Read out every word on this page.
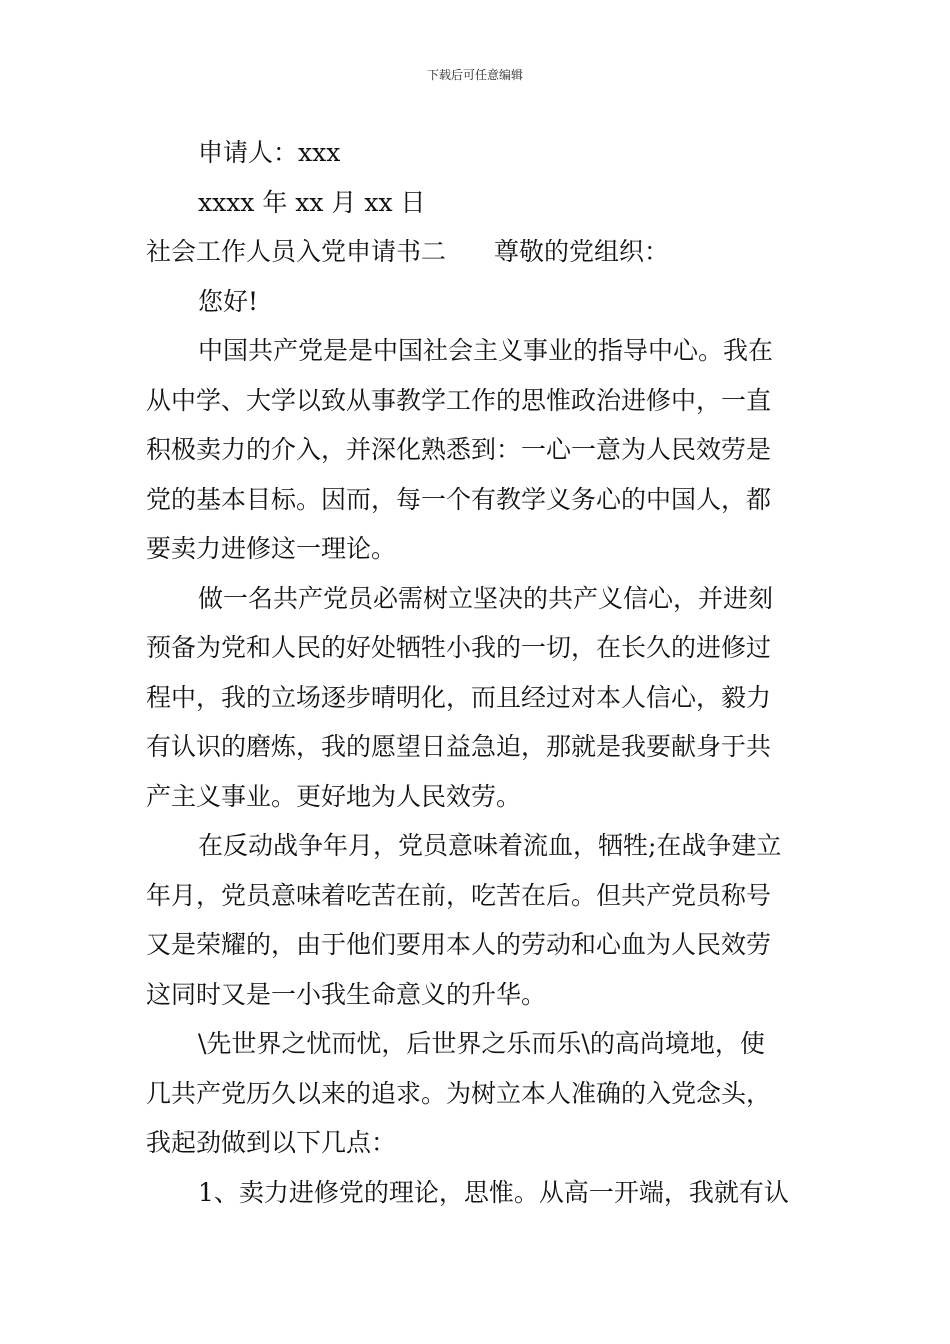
下载后可任意编辑
申请人：xxx
xxxx 年 xx 月 xx 日
社会工作人员入党申请书二 尊敬的党组织：
您好!
中国共产党是是中国社会主义事业的指导中心。我在
从中学、大学以致从事教学工作的思惟政治进修中，一直
积极卖力的介入，并深化熟悉到：一心一意为人民效劳是
党的基本目标。因而，每一个有教学义务心的中国人，都
要卖力进修这一理论。
做一名共产党员必需树立坚决的共产义信心，并进刻
预备为党和人民的好处牺牲小我的一切，在长久的进修过
程中，我的立场逐步晴明化，而且经过对本人信心，毅力
有认识的磨炼，我的愿望日益急迫，那就是我要献身于共
产主义事业。更好地为人民效劳。
在反动战争年月，党员意味着流血，牺牲;在战争建立
年月，党员意味着吃苦在前，吃苦在后。但共产党员称号
又是荣耀的，由于他们要用本人的劳动和心血为人民效劳
这同时又是一小我生命意义的升华。
\先世界之忧而忧，后世界之乐而乐\的高尚境地，使
几共产党历久以来的追求。为树立本人准确的入党念头，
我起劲做到以下几点：
1、卖力进修党的理论，思惟。从高一开端，我就有认
